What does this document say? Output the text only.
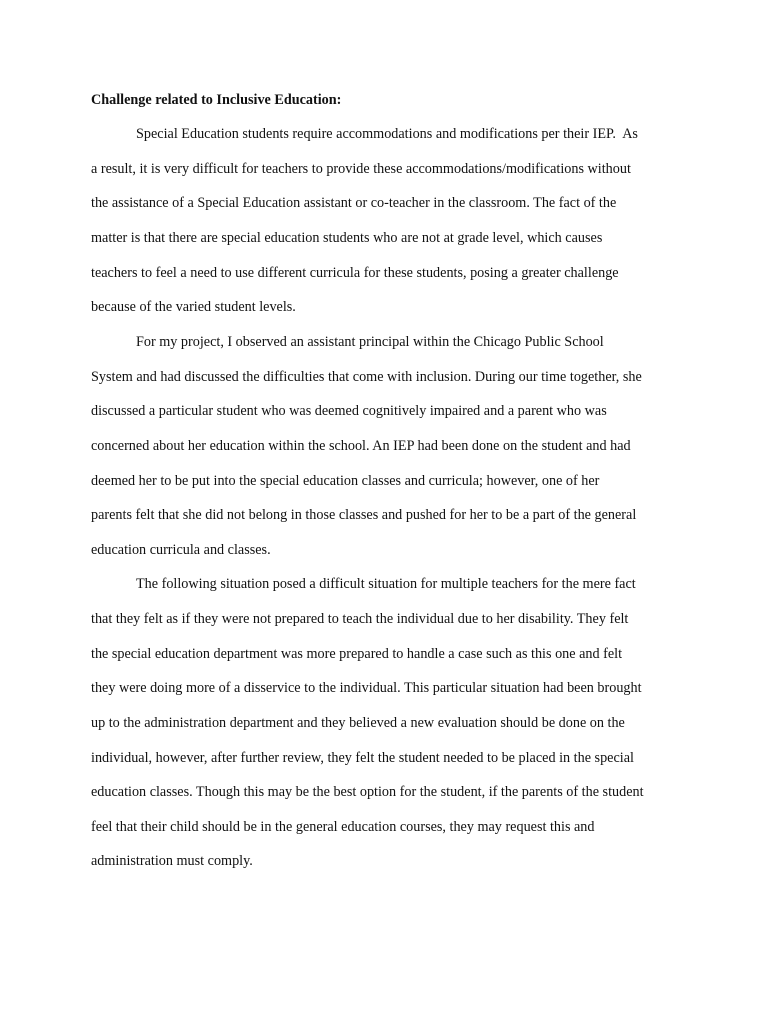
Challenge related to Inclusive Education:

Special Education students require accommodations and modifications per their IEP.  As

a result, it is very difficult for teachers to provide these accommodations/modifications without

the assistance of a Special Education assistant or co-teacher in the classroom. The fact of the

matter is that there are special education students who are not at grade level, which causes

teachers to feel a need to use different curricula for these students, posing a greater challenge

because of the varied student levels.

For my project, I observed an assistant principal within the Chicago Public School

System and had discussed the difficulties that come with inclusion. During our time together, she

discussed a particular student who was deemed cognitively impaired and a parent who was

concerned about her education within the school. An IEP had been done on the student and had

deemed her to be put into the special education classes and curricula; however, one of her

parents felt that she did not belong in those classes and pushed for her to be a part of the general

education curricula and classes.

The following situation posed a difficult situation for multiple teachers for the mere fact

that they felt as if they were not prepared to teach the individual due to her disability. They felt

the special education department was more prepared to handle a case such as this one and felt

they were doing more of a disservice to the individual. This particular situation had been brought

up to the administration department and they believed a new evaluation should be done on the

individual, however, after further review, they felt the student needed to be placed in the special

education classes. Though this may be the best option for the student, if the parents of the student

feel that their child should be in the general education courses, they may request this and

administration must comply.
